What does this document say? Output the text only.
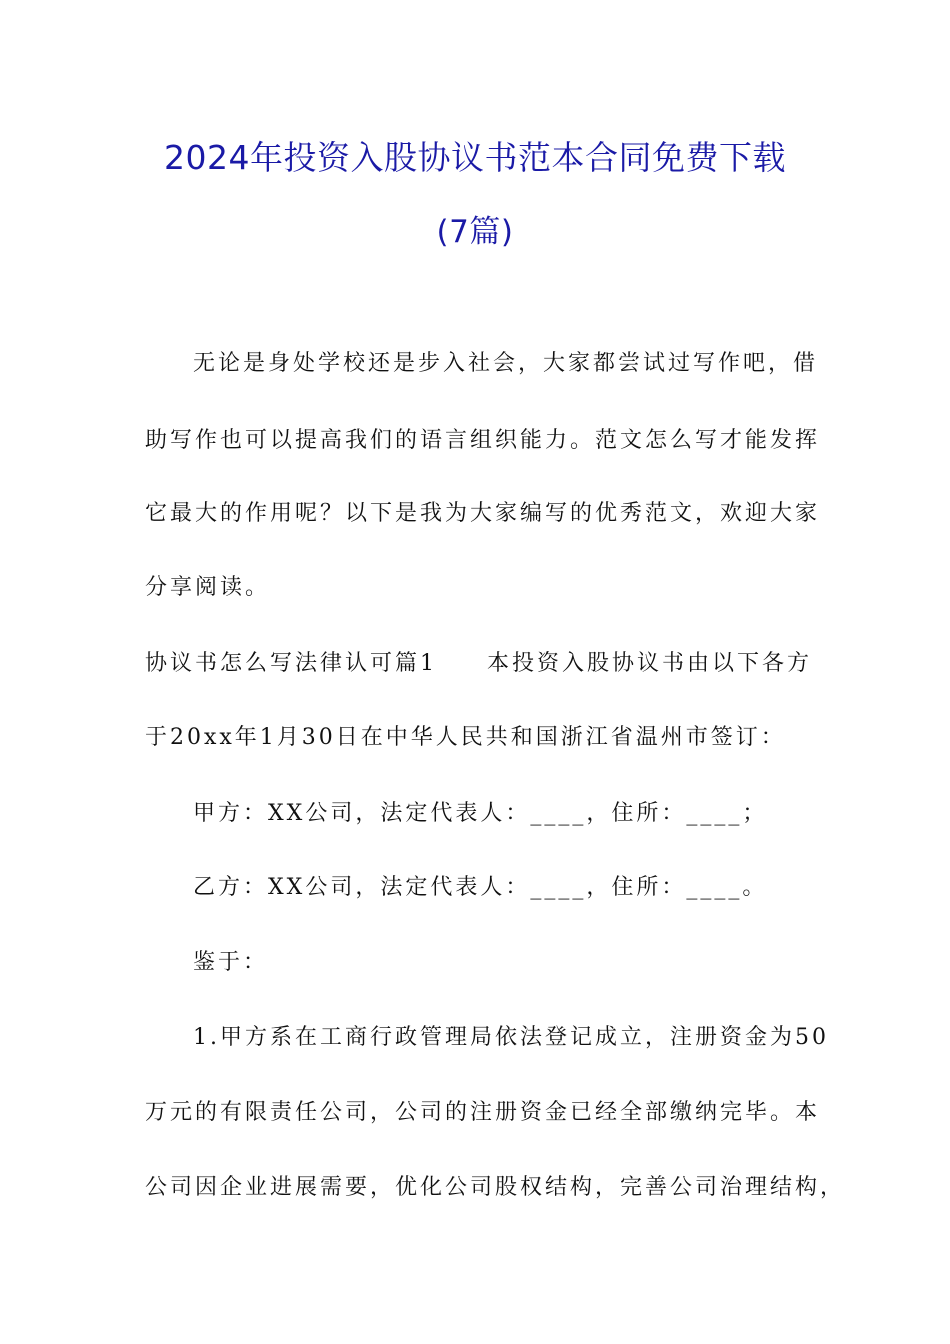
2024年投资入股协议书范本合同免费下载
(7篇)
无论是身处学校还是步入社会，大家都尝试过写作吧，借
助写作也可以提高我们的语言组织能力。范文怎么写才能发挥
它最大的作用呢？以下是我为大家编写的优秀范文，欢迎大家
分享阅读。
协议书怎么写法律认可篇1　　本投资入股协议书由以下各方
于20xx年1月30日在中华人民共和国浙江省温州市签订：
甲方：XX公司，法定代表人：____，住所：____；
乙方：XX公司，法定代表人：____，住所：____。
鉴于：
1.甲方系在工商行政管理局依法登记成立，注册资金为50
万元的有限责任公司，公司的注册资金已经全部缴纳完毕。本
公司因企业进展需要，优化公司股权结构，完善公司治理结构，
